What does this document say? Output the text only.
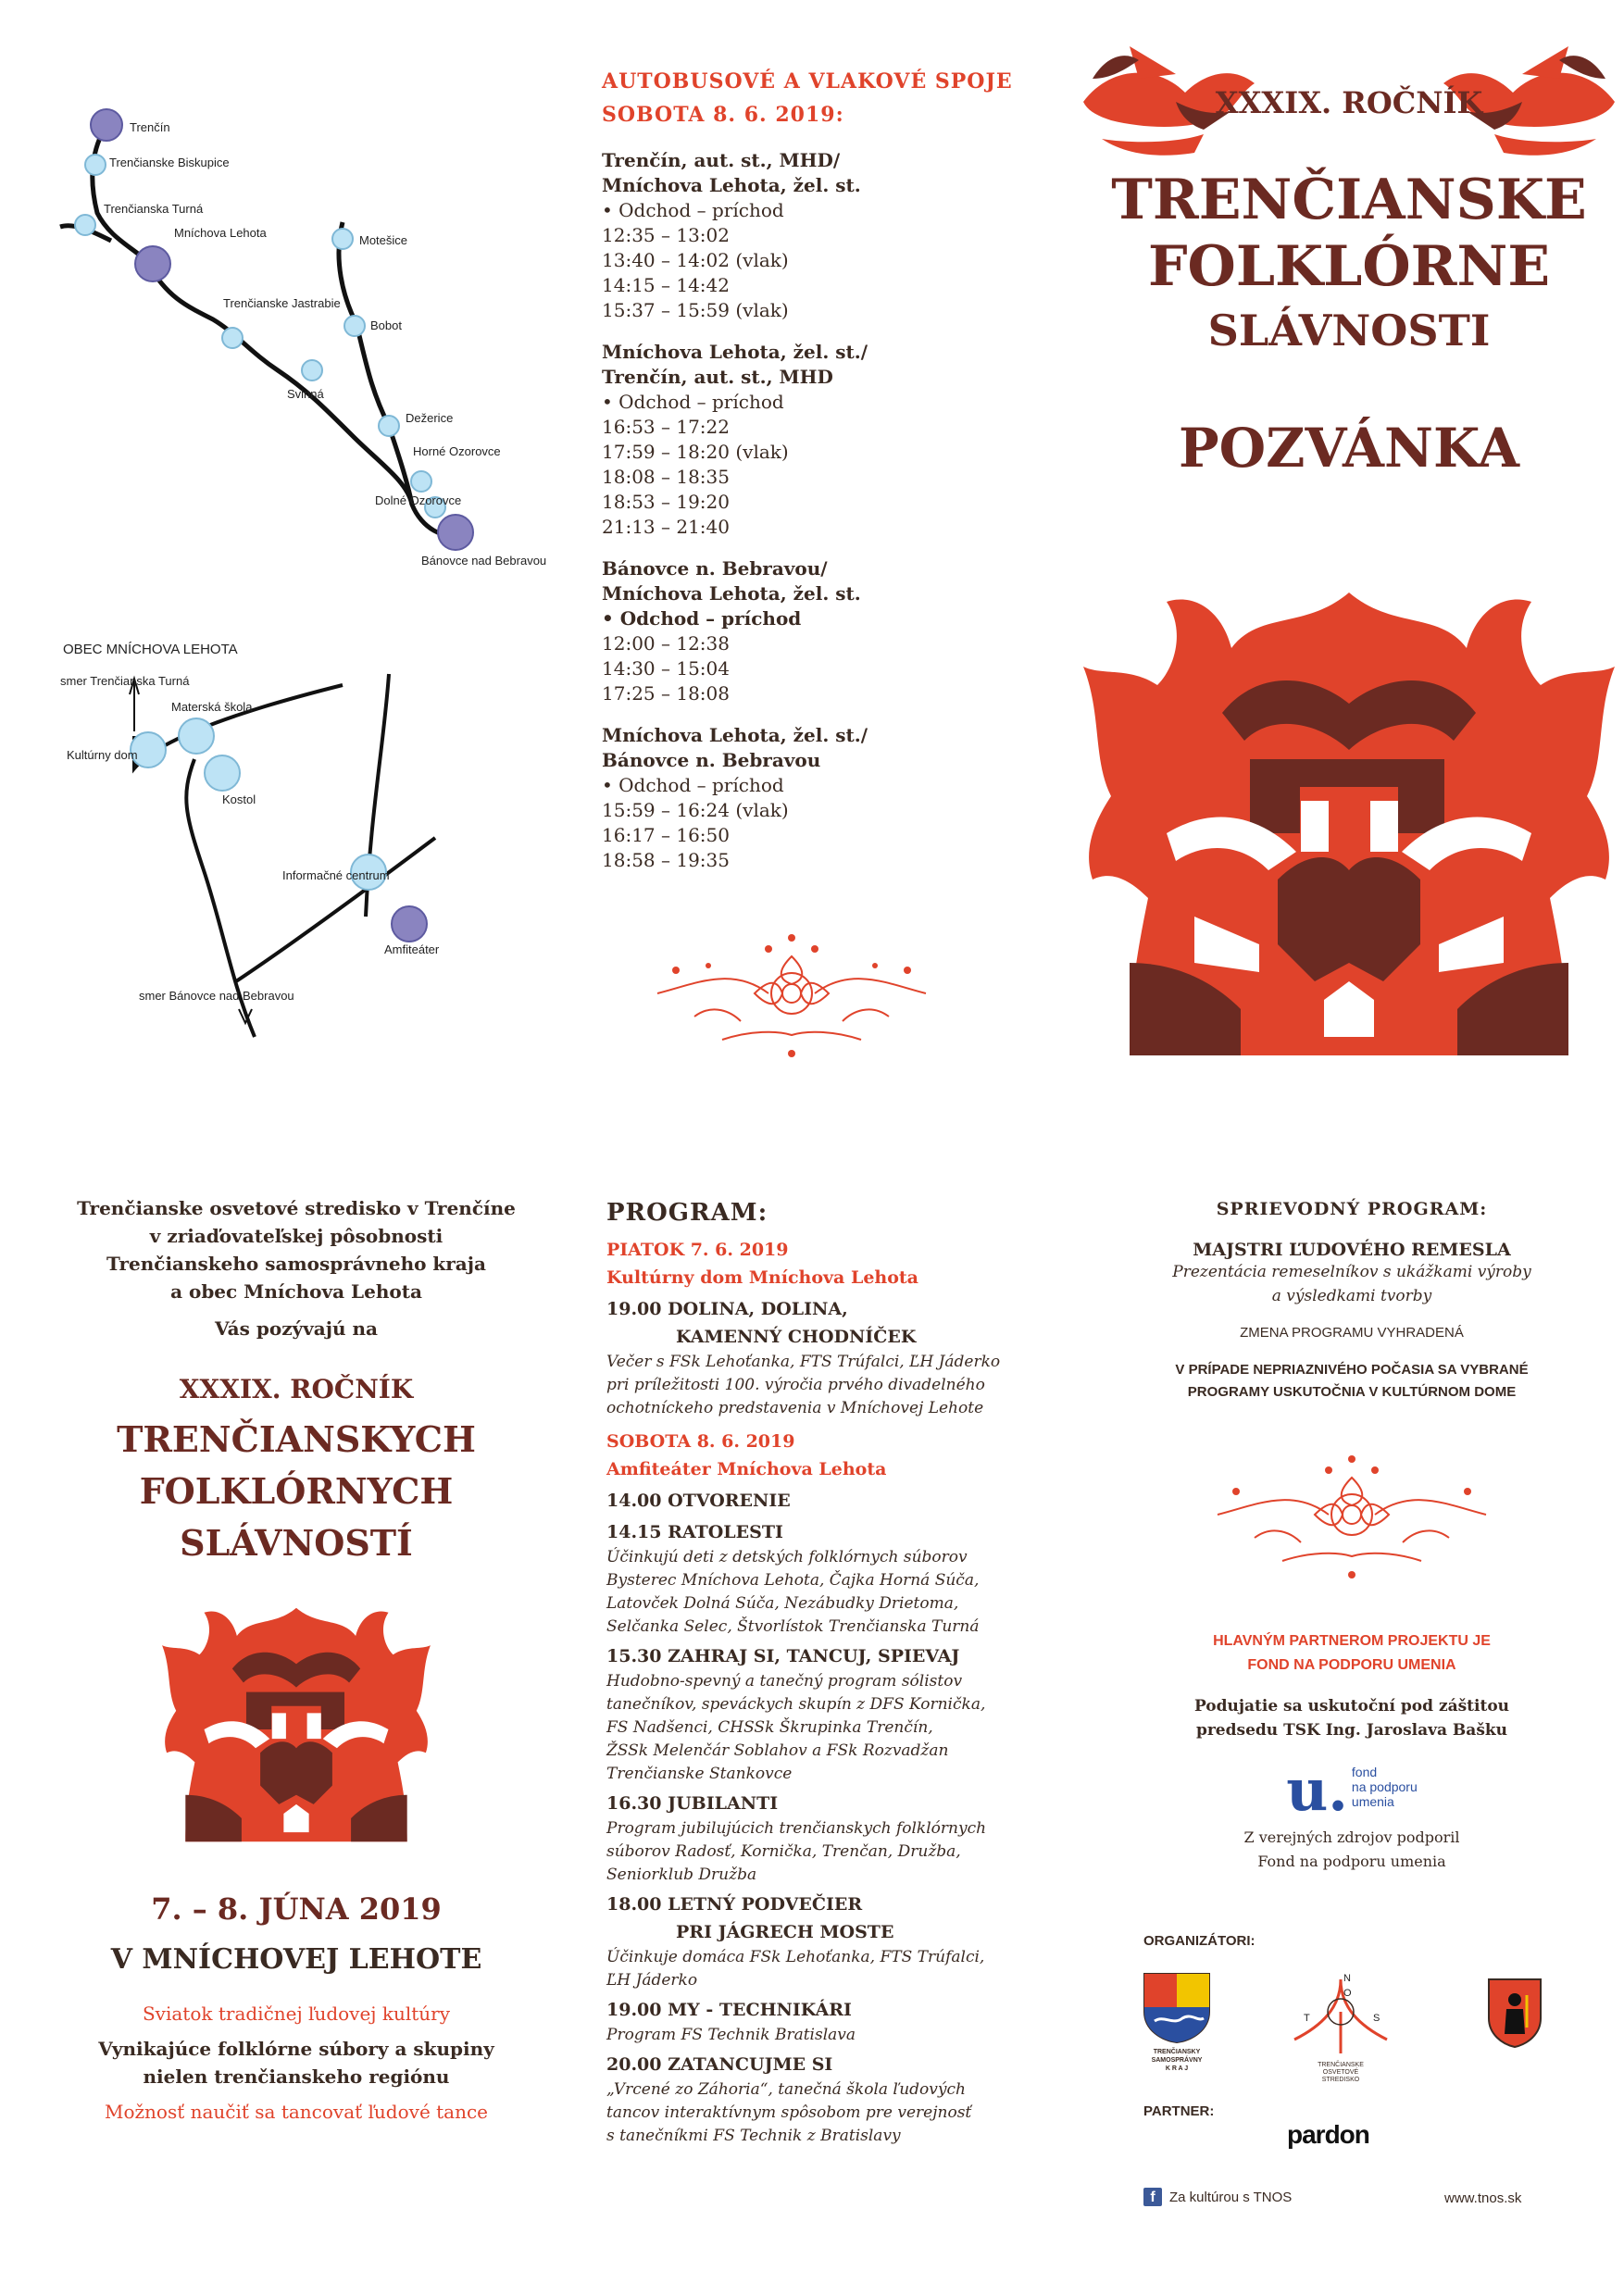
Trenčín
Trenčianske Biskupice
Trenčianska Turná
Mníchova Lehota
Trenčianske Jastrabie
Svinná
Motešice
Bobot
Dežerice
Horné Ozorovce
Dolné Ozorovce
Bánovce nad Bebravou
OBEC MNÍCHOVA LEHOTA
smer Trenčianska Turná
Materská škola
Kultúrny dom
Kostol
Informačné centrum
Amfiteáter
smer Bánovce nad Bebravou
AUTOBUSOVÉ A VLAKOVÉ SPOJE
SOBOTA 8. 6. 2019:
Trenčín, aut. st., MHD/
Mníchova Lehota, žel. st.
• Odchod – príchod
12:35 – 13:02
13:40 – 14:02 (vlak)
14:15 – 14:42
15:37 – 15:59 (vlak)
Mníchova Lehota, žel. st./
Trenčín, aut. st., MHD
• Odchod – príchod
16:53 – 17:22
17:59 – 18:20 (vlak)
18:08 – 18:35
18:53 – 19:20
21:13 – 21:40
Bánovce n. Bebravou/
Mníchova Lehota, žel. st.
• Odchod – príchod
12:00 – 12:38
14:30 – 15:04
17:25 – 18:08
Mníchova Lehota, žel. st./
Bánovce n. Bebravou
• Odchod – príchod
15:59 – 16:24 (vlak)
16:17 – 16:50
18:58 – 19:35
XXXIX. ROČNÍK
TRENČIANSKE
FOLKLÓRNE
SLÁVNOSTI
POZVÁNKA
Trenčianske osvetové stredisko v Trenčíne
v zriaďovateľskej pôsobnosti
Trenčianskeho samosprávneho kraja
a obec Mníchova Lehota
Vás pozývajú na
XXXIX. ROČNÍK
TRENČIANSKYCH
FOLKLÓRNYCH
SLÁVNOSTÍ
7. – 8. JÚNA 2019
V MNÍCHOVEJ LEHOTE
Sviatok tradičnej ľudovej kultúry
Vynikajúce folklórne súbory a skupiny
nielen trenčianskeho regiónu
Možnosť naučiť sa tancovať ľudové tance
PROGRAM:
PIATOK 7. 6. 2019
Kultúrny dom Mníchova Lehota
19.00 DOLINA, DOLINA,
KAMENNÝ CHODNÍČEK
Večer s FSk Lehoťanka, FTS Trúfalci, ĽH Jáderko
pri príležitosti 100. výročia prvého divadelného
ochotníckeho predstavenia v Mníchovej Lehote
SOBOTA 8. 6. 2019
Amfiteáter Mníchova Lehota
14.00 OTVORENIE
14.15 RATOLESTI
Účinkujú deti z detských folklórnych súborov
Bysterec Mníchova Lehota, Čajka Horná Súča,
Latovček Dolná Súča, Nezábudky Drietoma,
Selčanka Selec, Štvorlístok Trenčianska Turná
15.30 ZAHRAJ SI, TANCUJ, SPIEVAJ
Hudobno-spevný a tanečný program sólistov
tanečníkov, speváckych skupín z DFS Kornička,
FS Nadšenci, CHSSk Škrupinka Trenčín,
ŽSSk Melenčár Soblahov a FSk Rozvadžan
Trenčianske Stankovce
16.30 JUBILANTI
Program jubilujúcich trenčianskych folklórnych
súborov Radosť, Kornička, Trenčan, Družba,
Seniorklub Družba
18.00 LETNÝ PODVEČIER
PRI JÁGRECH MOSTE
Účinkuje domáca FSk Lehoťanka, FTS Trúfalci,
ĽH Jáderko
19.00 MY - TECHNIKÁRI
Program FS Technik Bratislava
20.00 ZATANCUJME SI
„Vrcené zo Záhoria“, tanečná škola ľudových
tancov interaktívnym spôsobom pre verejnosť
s tanečníkmi FS Technik z Bratislavy
SPRIEVODNÝ PROGRAM:
MAJSTRI ĽUDOVÉHO REMESLA
Prezentácia remeselníkov s ukážkami výroby
a výsledkami tvorby
ZMENA PROGRAMU VYHRADENÁ
V PRÍPADE NEPRIAZNIVÉHO POČASIA SA VYBRANÉ
PROGRAMY USKUTOČNIA V KULTÚRNOM DOME
HLAVNÝM PARTNEROM PROJEKTU JE
FOND NA PODPORU UMENIA
Podujatie sa uskutoční pod záštitou
predsedu TSK Ing. Jaroslava Bašku
u. fond
na podporu
umenia
Z verejných zdrojov podporil
Fond na podporu umenia
ORGANIZÁTORI:
TRENČIANSKY
SAMOSPRÁVNY
K R A J
N
O
T	S
TRENČIANSKE
OSVETOVÉ
STREDISKO
PARTNER:
pardon
f	Za kultúrou s TNOS	www.tnos.sk
